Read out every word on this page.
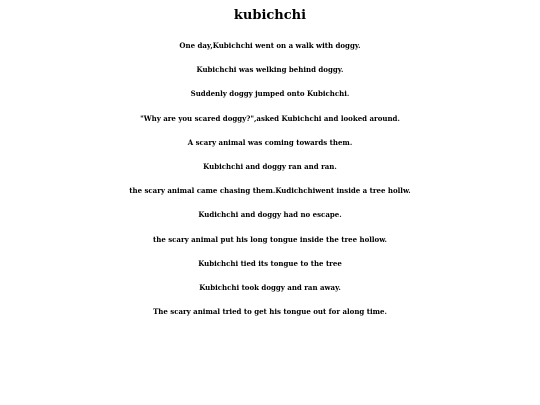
kubichchi

One day,Kubichchi went on a walk with doggy.

Kubichchi was welking behind doggy.

Suddenly doggy jumped onto Kubichchi.

"Why are you scared doggy?",asked Kubichchi and looked around.

A scary animal was coming towards them.

Kubichchi and doggy ran and ran.

the scary animal came chasing them.Kudichchiwent inside a tree hollw.

Kudichchi and doggy had no escape.

the scary animal put his long tongue inside the tree hollow.

Kubichchi tied its tongue to the tree

Kubichchi took doggy and ran away.

The scary animal tried to get his tongue out for along time.
